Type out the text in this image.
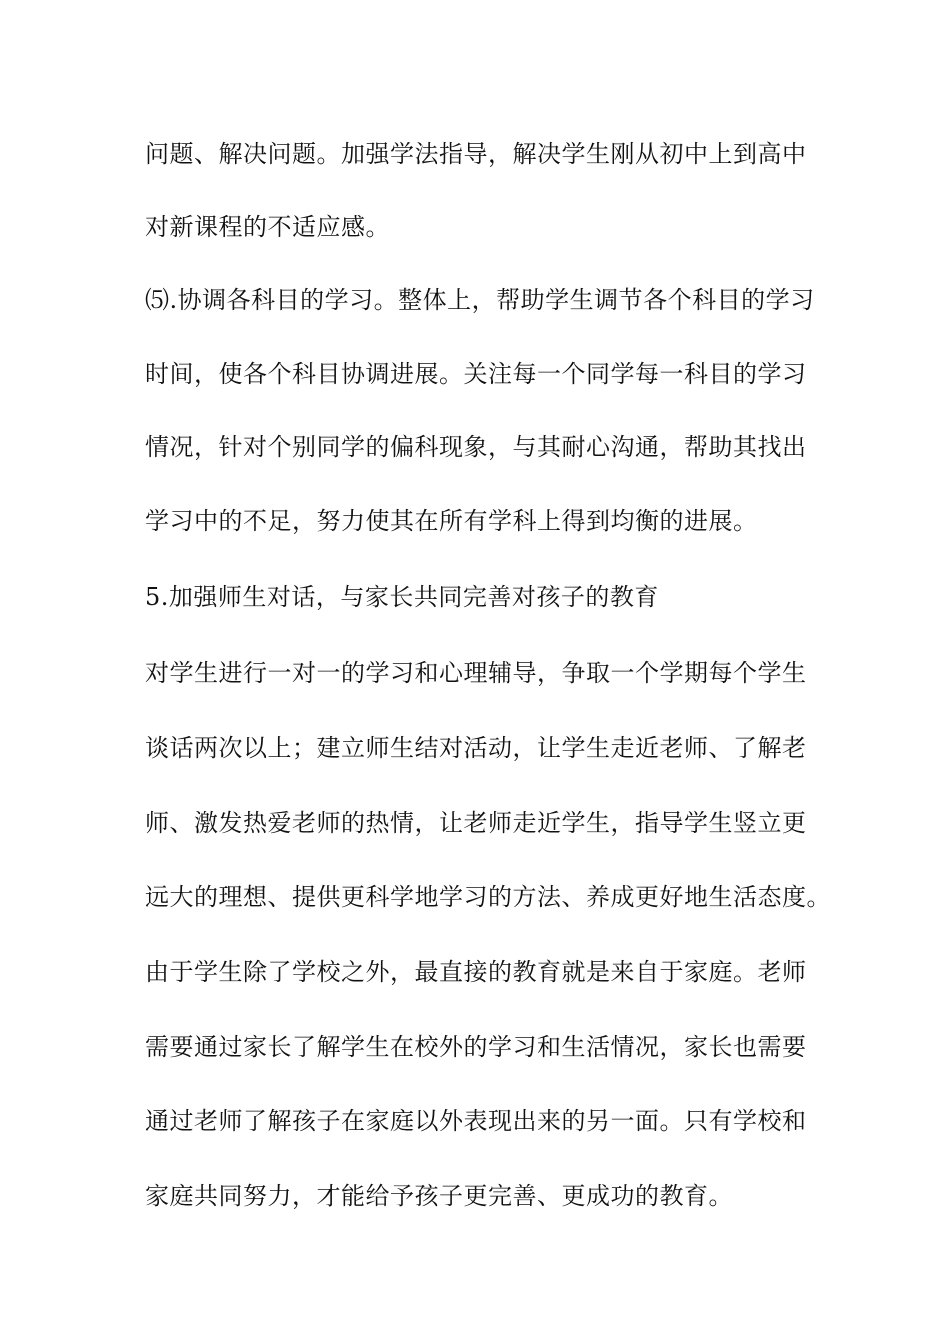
问题、解决问题。加强学法指导，解决学生刚从初中上到高中
对新课程的不适应感。
⑸.协调各科目的学习。整体上，帮助学生调节各个科目的学习
时间，使各个科目协调进展。关注每一个同学每一科目的学习
情况，针对个别同学的偏科现象，与其耐心沟通，帮助其找出
学习中的不足，努力使其在所有学科上得到均衡的进展。
5.加强师生对话，与家长共同完善对孩子的教育
对学生进行一对一的学习和心理辅导，争取一个学期每个学生
谈话两次以上；建立师生结对活动，让学生走近老师、了解老
师、激发热爱老师的热情，让老师走近学生，指导学生竖立更
远大的理想、提供更科学地学习的方法、养成更好地生活态度。
由于学生除了学校之外，最直接的教育就是来自于家庭。老师
需要通过家长了解学生在校外的学习和生活情况，家长也需要
通过老师了解孩子在家庭以外表现出来的另一面。只有学校和
家庭共同努力，才能给予孩子更完善、更成功的教育。
